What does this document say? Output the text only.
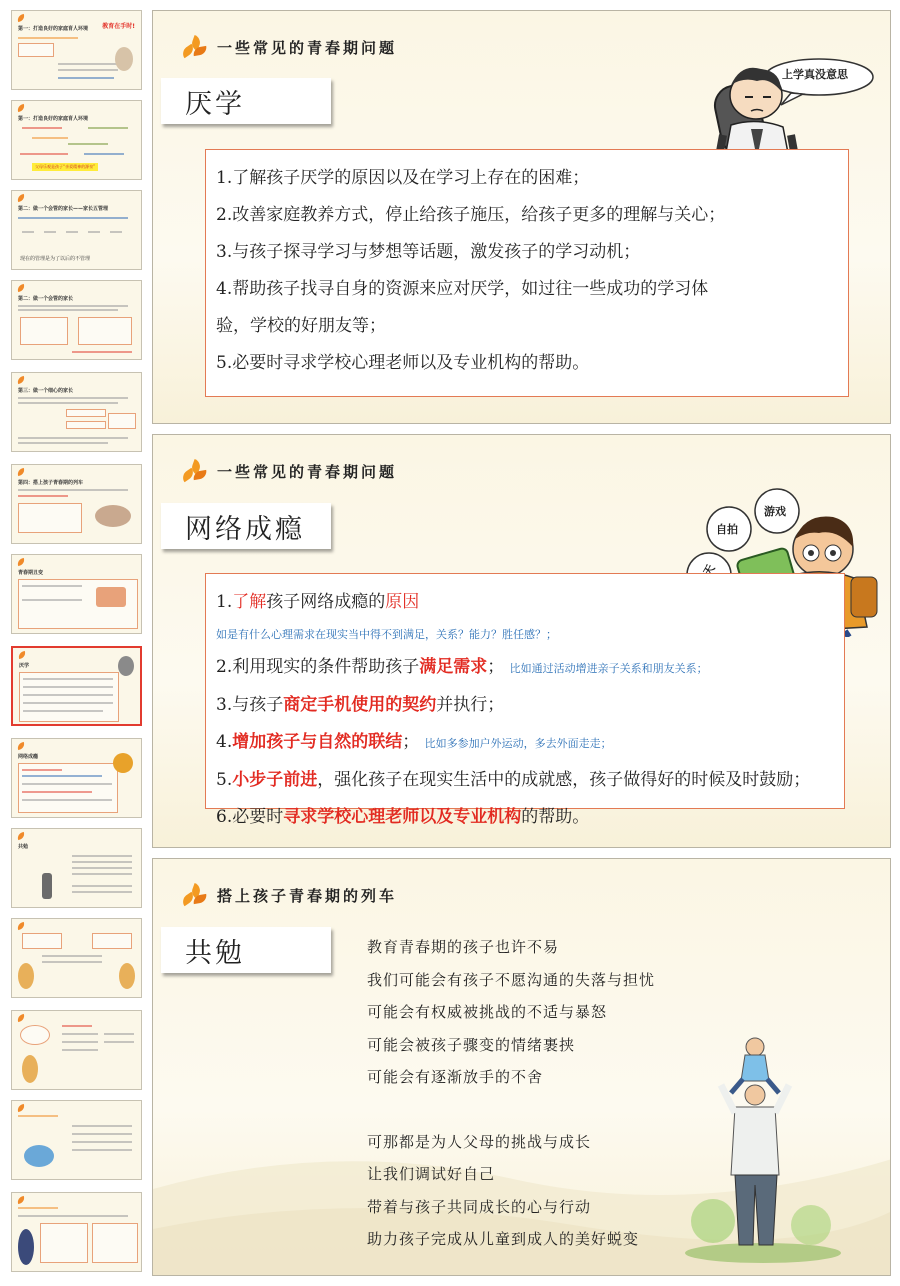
第一：打造良好的家庭育人环境 教育在手时!
第一：打造良好的家庭育人环境
父母乐观是孩子“亲爱精神的源泉”
第二：做一个会管的家长——家长五管理
现在的管理是为了以后的不管理
第二：做一个会管的家长
第三：做一个细心的家长
第四：搭上孩子青春期的列车
青春期丑变
厌学
网络成瘾
共勉
一些常见的青春期问题
厌学
上学真没意思

1.了解孩子厌学的原因以及在学习上存在的困难；

2.改善家庭教养方式，停止给孩子施压，给孩子更多的理解与关心；

3.与孩子探寻学习与梦想等话题，激发孩子的学习动机；

4.帮助孩子找寻自身的资源来应对厌学，如过往一些成功的学习体

验，学校的好朋友等；

5.必要时寻求学校心理老师以及专业机构的帮助。

一些常见的青春期问题
网络成瘾	自拍
游戏

1.了解孩子网络成瘾的原因

如是有什么心理需求在现实当中得不到满足，关系？能力？胜任感？；

2.利用现实的条件帮助孩子满足需求； 比如通过活动增进亲子关系和朋友关系；

3.与孩子商定手机使用的契约并执行；

4.增加孩子与自然的联结； 比如多参加户外运动，多去外面走走；

5.小步子前进，强化孩子在现实生活中的成就感，孩子做得好的时候及时鼓励；

6.必要时寻求学校心理老师以及专业机构的帮助。

搭上孩子青春期的列车
共勉	教育青春期的孩子也许不易

我们可能会有孩子不愿沟通的失落与担忧

可能会有权威被挑战的不适与暴怒

可能会被孩子骤变的情绪裹挟

可能会有逐渐放手的不舍

可那都是为人父母的挑战与成长

让我们调试好自己

带着与孩子共同成长的心与行动

助力孩子完成从儿童到成人的美好蜕变
